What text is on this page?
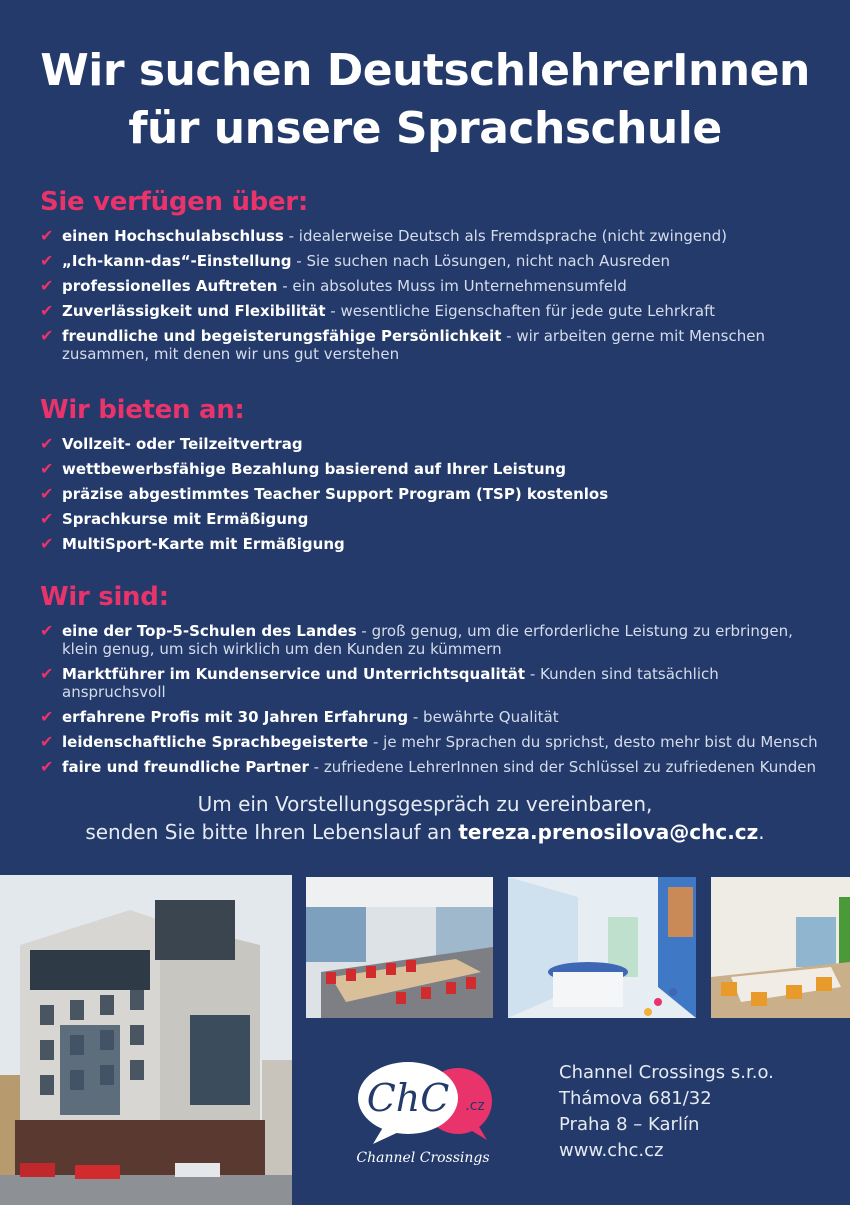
Wir suchen DeutschlehrerInnen
für unsere Sprachschule
Sie verfügen über:
✔ einen Hochschulabschluss - idealerweise Deutsch als Fremdsprache (nicht zwingend)
✔ „Ich-kann-das“-Einstellung - Sie suchen nach Lösungen, nicht nach Ausreden
✔ professionelles Auftreten - ein absolutes Muss im Unternehmensumfeld
✔ Zuverlässigkeit und Flexibilität - wesentliche Eigenschaften für jede gute Lehrkraft
✔ freundliche und begeisterungsfähige Persönlichkeit - wir arbeiten gerne mit Menschen zusammen, mit denen wir uns gut verstehen
Wir bieten an:
✔ Vollzeit- oder Teilzeitvertrag
✔ wettbewerbsfähige Bezahlung basierend auf Ihrer Leistung
✔ präzise abgestimmtes Teacher Support Program (TSP) kostenlos
✔ Sprachkurse mit Ermäßigung
✔ MultiSport-Karte mit Ermäßigung
Wir sind:
✔ eine der Top-5-Schulen des Landes - groß genug, um die erforderliche Leistung zu erbringen, klein genug, um sich wirklich um den Kunden zu kümmern
✔ Marktführer im Kundenservice und Unterrichtsqualität - Kunden sind tatsächlich anspruchsvoll
✔ erfahrene Profis mit 30 Jahren Erfahrung - bewährte Qualität
✔ leidenschaftliche Sprachbegeisterte - je mehr Sprachen du sprichst, desto mehr bist du Mensch
✔ faire und freundliche Partner - zufriedene LehrerInnen sind der Schlüssel zu zufriedenen Kunden
Um ein Vorstellungsgespräch zu vereinbaren,
senden Sie bitte Ihren Lebenslauf an tereza.prenosilova@chc.cz.
ChC .cz
Channel Crossings
Channel Crossings s.r.o.
Thámova 681/32
Praha 8 – Karlín
www.chc.cz
